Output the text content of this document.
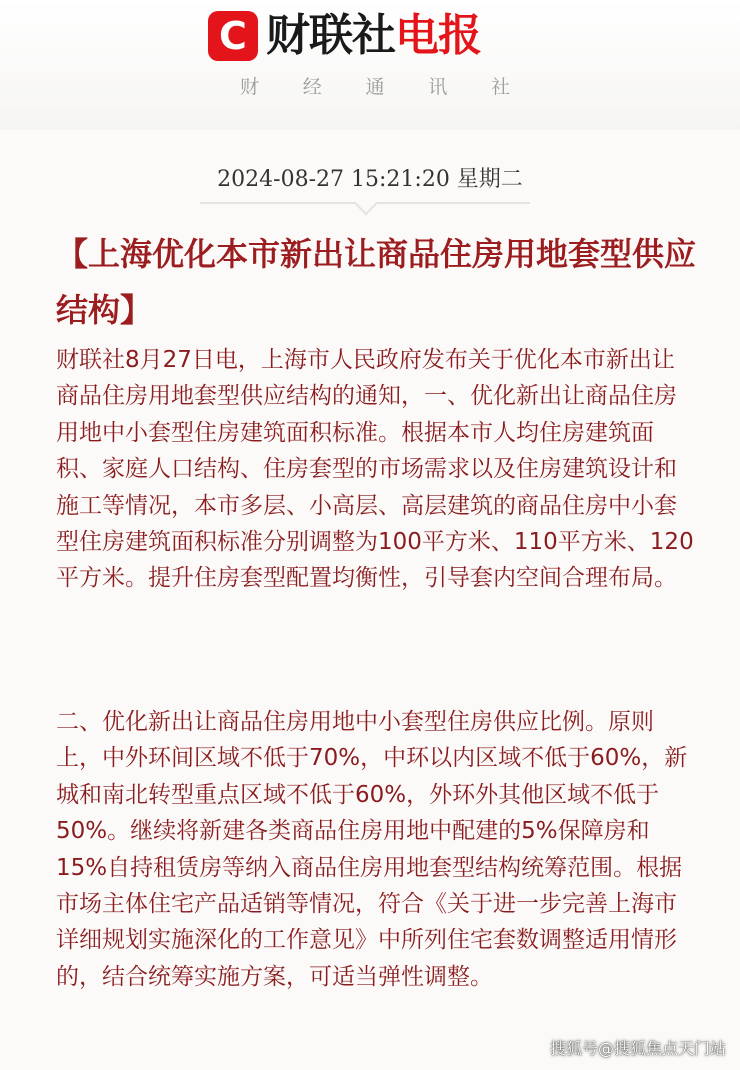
C 财联社电报
财 经 通 讯 社
2024-08-27 15:21:20 星期二
【上海优化本市新出让商品住房用地套型供应结构】

财联社8月27日电，上海市人民政府发布关于优化本市新出让商品住房用地套型供应结构的通知，一、优化新出让商品住房用地中小套型住房建筑面积标准。根据本市人均住房建筑面积、家庭人口结构、住房套型的市场需求以及住房建筑设计和施工等情况，本市多层、小高层、高层建筑的商品住房中小套型住房建筑面积标准分别调整为100平方米、110平方米、120平方米。提升住房套型配置均衡性，引导套内空间合理布局。

二、优化新出让商品住房用地中小套型住房供应比例。原则上，中外环间区域不低于70%，中环以内区域不低于60%，新城和南北转型重点区域不低于60%，外环外其他区域不低于50%。继续将新建各类商品住房用地中配建的5%保障房和15%自持租赁房等纳入商品住房用地套型结构统筹范围。根据市场主体住宅产品适销等情况，符合《关于进一步完善上海市详细规划实施深化的工作意见》中所列住宅套数调整适用情形的，结合统筹实施方案，可适当弹性调整。

搜狐号@搜狐焦点天门站
